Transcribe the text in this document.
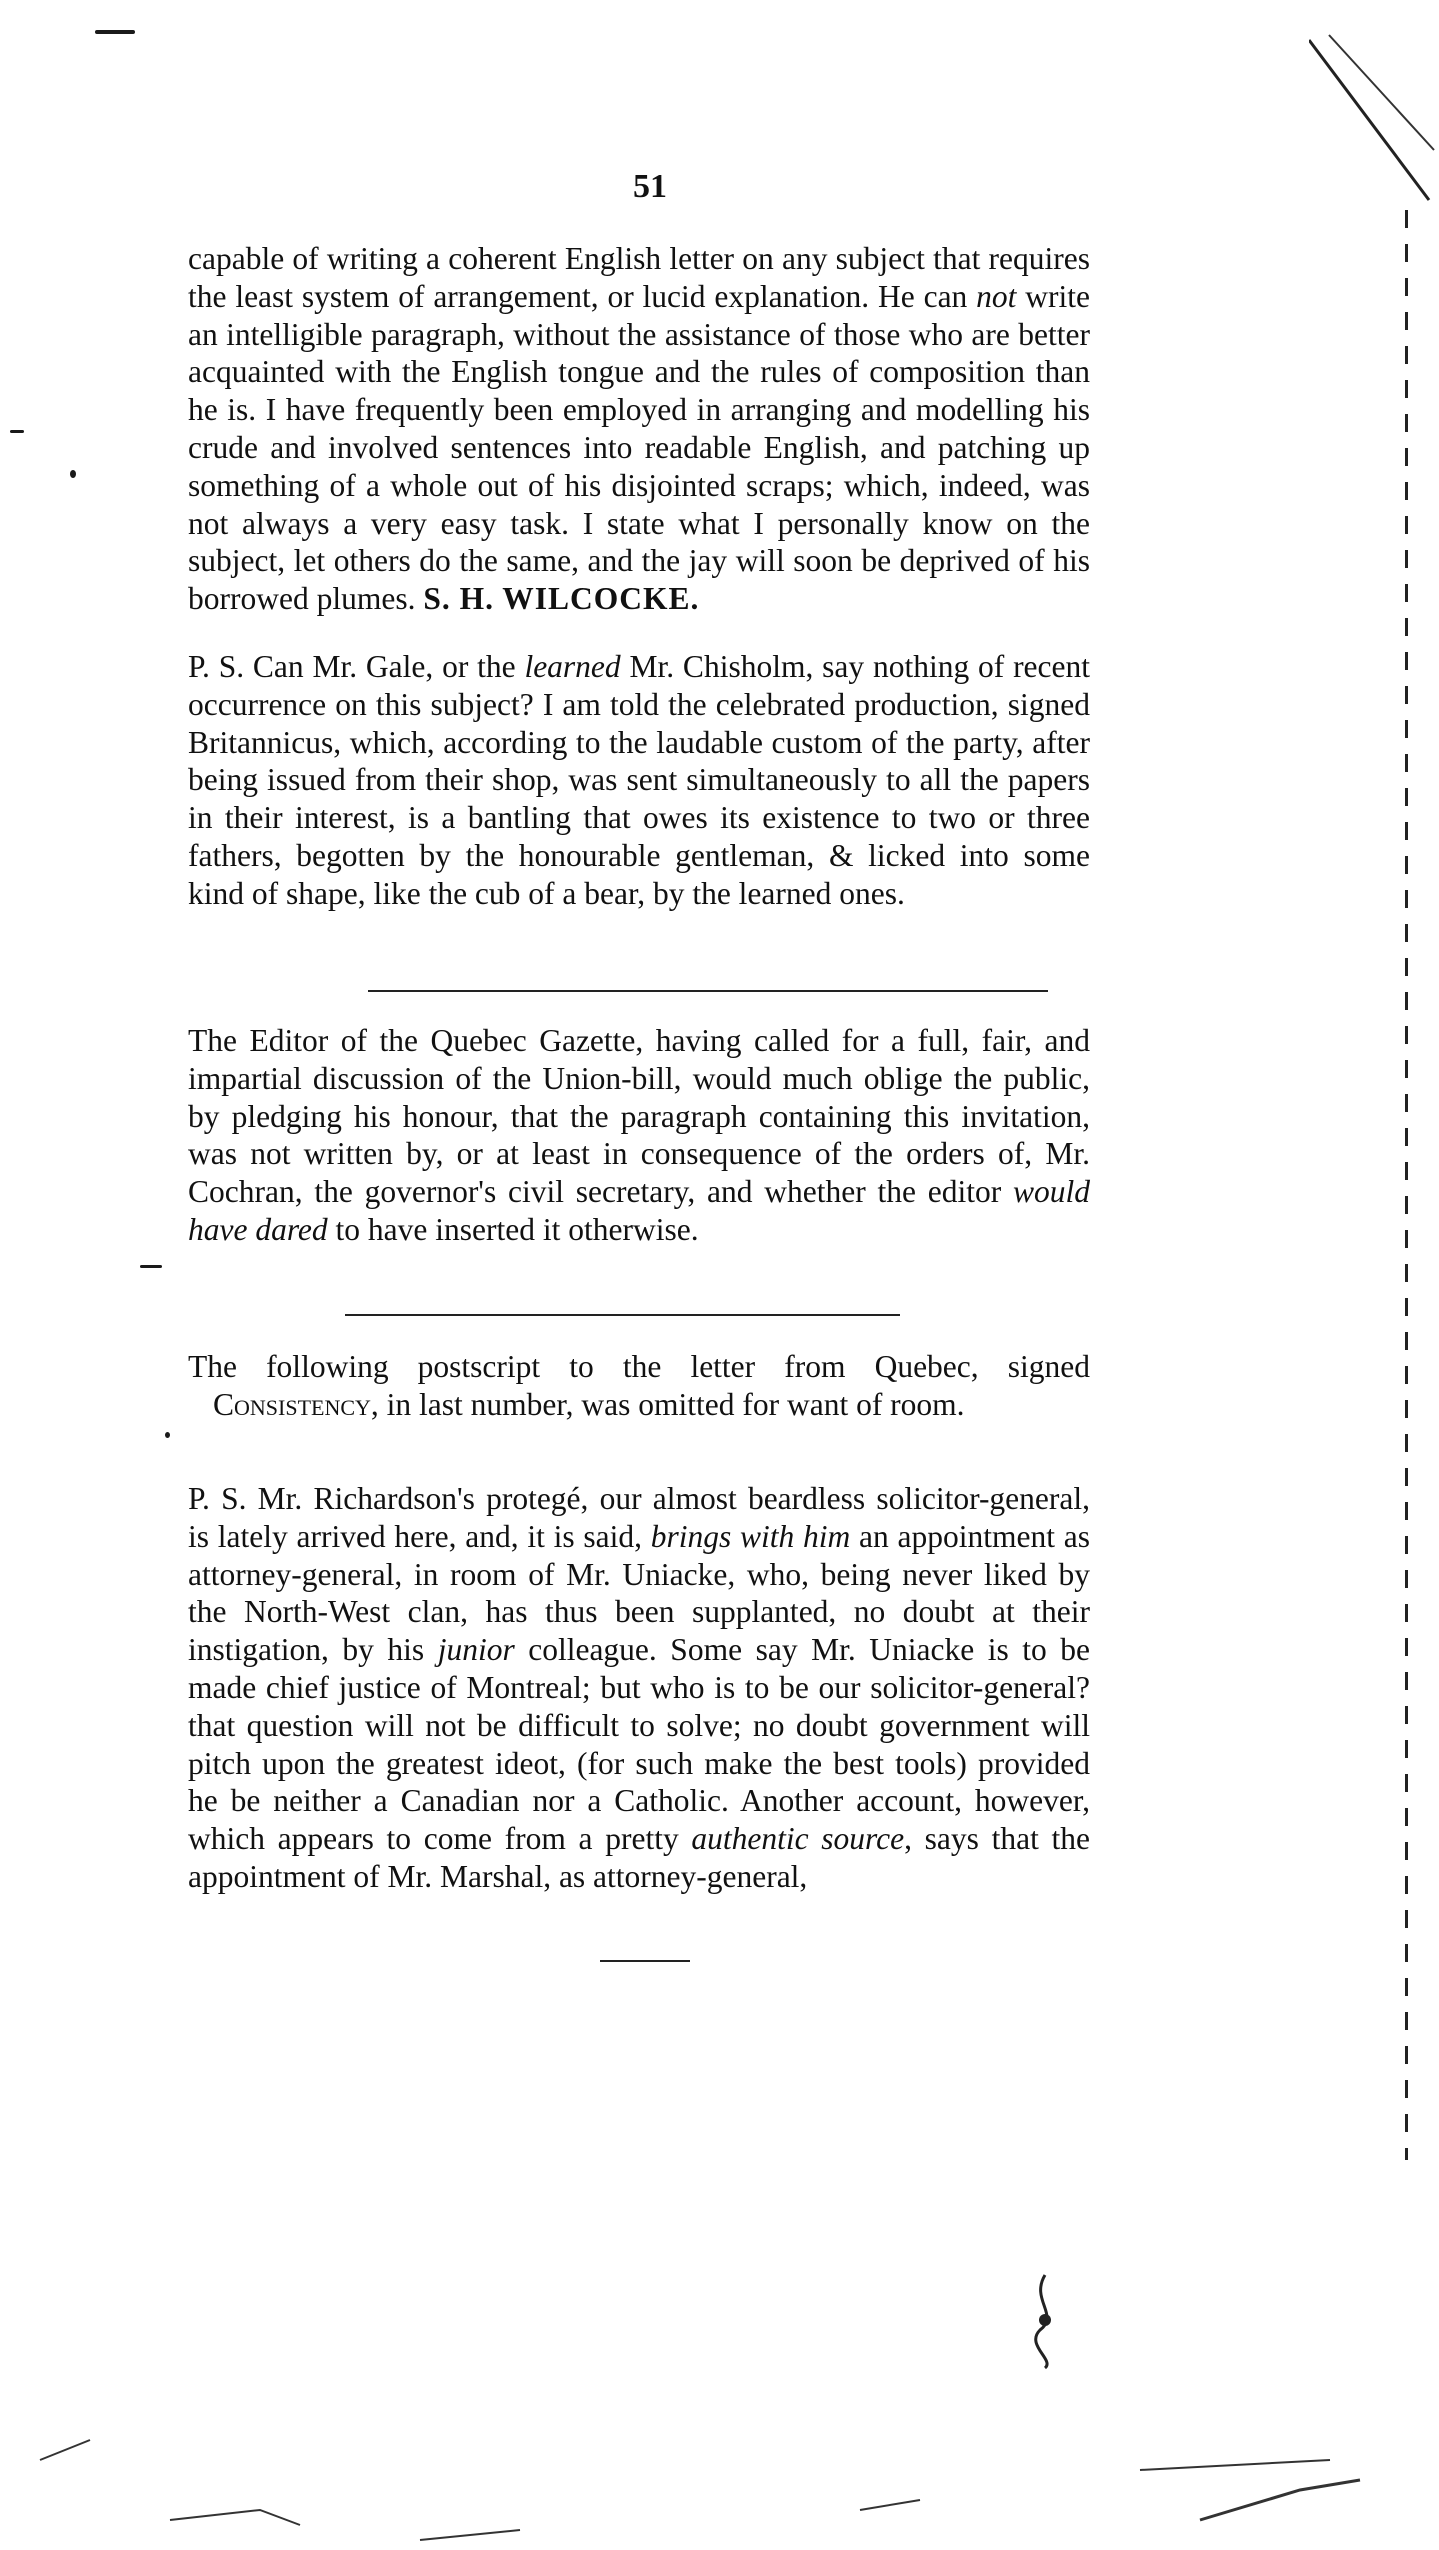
51

capable of writing a coherent English letter on any subject that requires the least system of arrangement, or lucid explanation. He can not write an intelligible paragraph, without the assistance of those who are better acquainted with the English tongue and the rules of composition than he is. I have frequently been employed in arranging and modelling his crude and involved sentences into readable English, and patching up something of a whole out of his disjointed scraps; which, indeed, was not always a very easy task. I state what I personally know on the subject, let others do the same, and the jay will soon be deprived of his borrowed plumes. S. H. WILCOCKE.

P. S. Can Mr. Gale, or the learned Mr. Chisholm, say nothing of recent occurrence on this subject? I am told the celebrated production, signed Britannicus, which, according to the laudable custom of the party, after being issued from their shop, was sent simultaneously to all the papers in their interest, is a bantling that owes its existence to two or three fathers, begotten by the honourable gentleman, & licked into some kind of shape, like the cub of a bear, by the learned ones.

The Editor of the Quebec Gazette, having called for a full, fair, and impartial discussion of the Union-bill, would much oblige the public, by pledging his honour, that the paragraph containing this invitation, was not written by, or at least in consequence of the orders of, Mr. Cochran, the governor's civil secretary, and whether the editor would have dared to have inserted it otherwise.

The following postscript to the letter from Quebec, signed Consistency, in last number, was omitted for want of room.

P. S. Mr. Richardson's protegé, our almost beardless solicitor-general, is lately arrived here, and, it is said, brings with him an appointment as attorney-general, in room of Mr. Uniacke, who, being never liked by the North-West clan, has thus been supplanted, no doubt at their instigation, by his junior colleague. Some say Mr. Uniacke is to be made chief justice of Montreal; but who is to be our solicitor-general? that question will not be difficult to solve; no doubt government will pitch upon the greatest ideot, (for such make the best tools) provided he be neither a Canadian nor a Catholic. Another account, however, which appears to come from a pretty authentic source, says that the appointment of Mr. Marshal, as attorney-general,
